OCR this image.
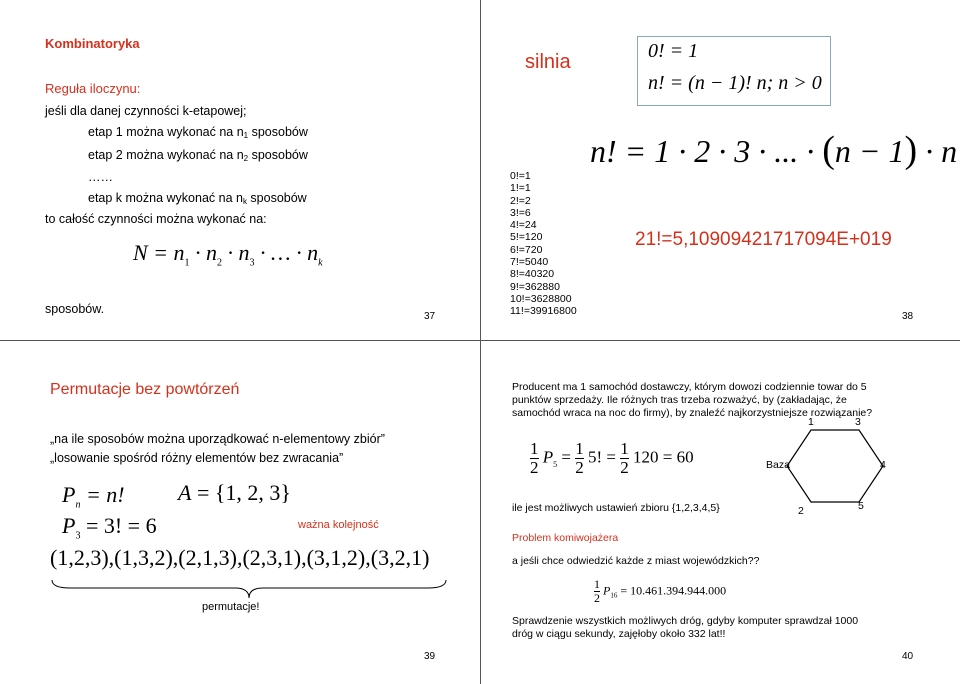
Kombinatoryka
Reguła iloczynu:
jeśli dla danej czynności k-etapowej;
etap 1 można wykonać na $n_1$ sposobów
etap 2 można wykonać na $n_2$ sposobów
……
etap k można wykonać na $n_k$ sposobów
to całość czynności można wykonać na:
$N = n_1 \cdot n_2 \cdot n_3$ · … · $n_k$
sposobów.
37
silnia
0!=1
1!=1
2!=2
3!=6
4!=24
5!=120
6!=720
7!=5040
8!=40320
9!=362880
10!=3628800
11!=39916800
0! = 1
n! = (n − 1)! n; n > 0
n! = 1 · 2 · 3 · ... · (n − 1) · n
21!=5,10909421717094E+019
38
Permutacje bez powtórzeń
„na ile sposobów można uporządkować n-elementowy zbiór”
„losowanie spośród różny elementów bez zwracania”
$P_n = n$! A = {1, 2, 3}
$P_3 = 3$! = 6	ważna kolejność
(1,2,3),(1,3,2),(2,1,3),(2,3,1),(3,1,2),(3,2,1)
permutacje!
39
Producent ma 1 samochód dostawczy, którym dowozi codziennie towar do 5
punktów sprzedaży. Ile różnych tras trzeba rozważyć, by (zakładając, że
samochód wraca na noc do firmy), by znaleźć najkorzystniejsze rozwiązanie?
1	3
Baza	4
2	5
1

2
$P_5 = 1$

2
5! = 1

2
120 = 60
ile jest możliwych ustawień zbioru {1,2,3,4,5}
Problem komiwojażera
a jeśli chce odwiedzić każde z miast wojewódzkich??
1

2
$P_{16} = 10.461.394.944.000$
Sprawdzenie wszystkich możliwych dróg, gdyby komputer sprawdzał 1000
dróg w ciągu sekundy, zajęłoby około 332 lat!!
40
